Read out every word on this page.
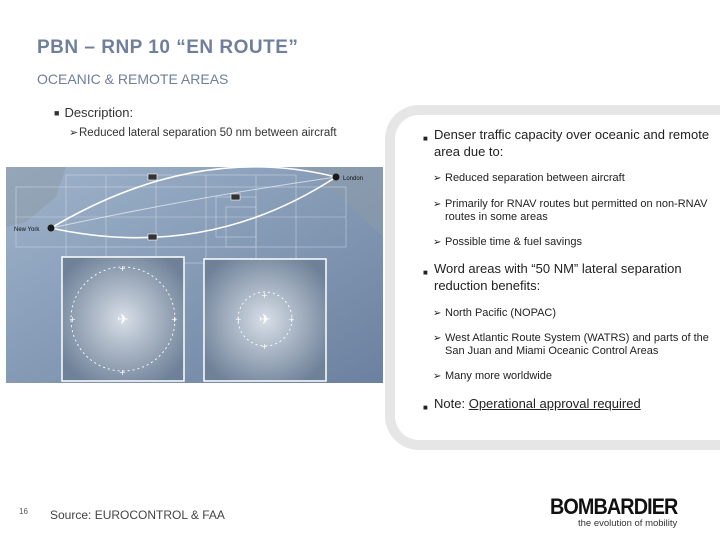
PBN – RNP 10 “EN ROUTE”
OCEANIC & REMOTE AREAS
■ Description:
➢ Reduced lateral separation 50 nm between aircraft
New York
London
✈
+
+
+	+	✈
+
+
+	+
■ Denser traffic capacity over oceanic and remote area due to:
➢ Reduced separation between aircraft
➢ Primarily for RNAV routes but permitted on non-RNAV routes in some areas
➢ Possible time & fuel savings
■ Word areas with “50 NM” lateral separation reduction benefits:
➢ North Pacific (NOPAC)
➢ West Atlantic Route System (WATRS) and parts of the San Juan and Miami Oceanic Control Areas
➢ Many more worldwide
■ Note: Operational approval required
16 Source: EUROCONTROL & FAA	BOMBARDIER
the evolution of mobility
